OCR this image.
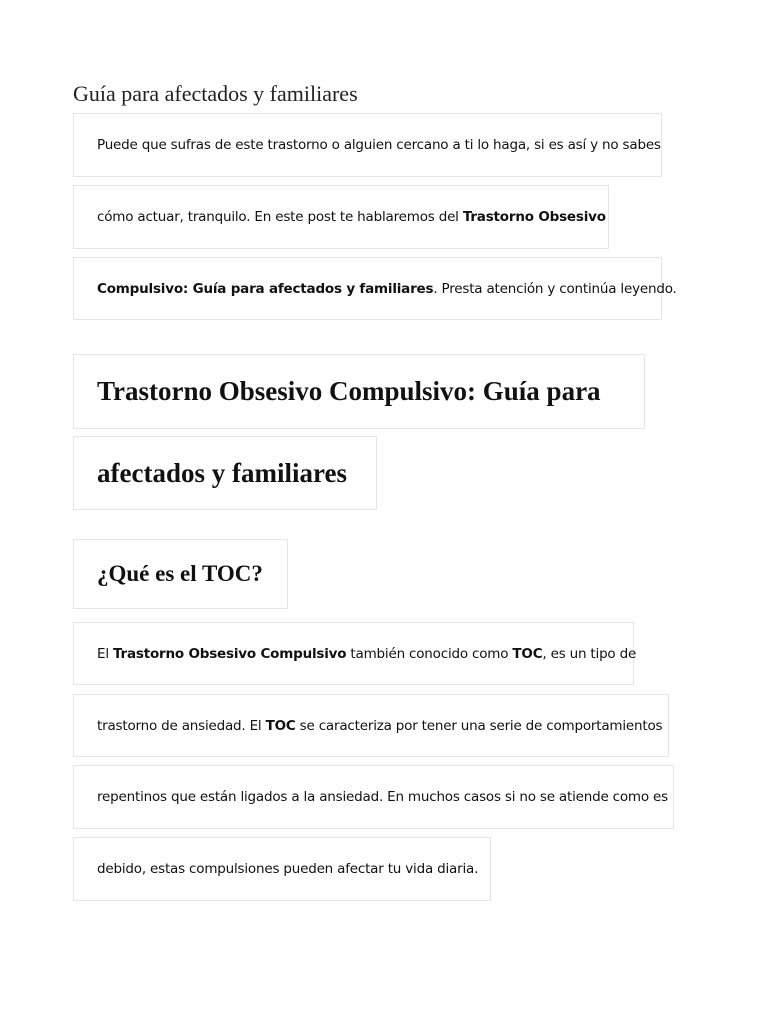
Guía para afectados y familiares
Puede que sufras de este trastorno o alguien cercano a ti lo haga, si es así y no sabes
cómo actuar, tranquilo. En este post te hablaremos del Trastorno Obsesivo
Compulsivo: Guía para afectados y familiares. Presta atención y continúa leyendo.
Trastorno Obsesivo Compulsivo: Guía para
afectados y familiares
¿Qué es el TOC?
El Trastorno Obsesivo Compulsivo también conocido como TOC, es un tipo de
trastorno de ansiedad. El TOC se caracteriza por tener una serie de comportamientos
repentinos que están ligados a la ansiedad. En muchos casos si no se atiende como es
debido, estas compulsiones pueden afectar tu vida diaria.
